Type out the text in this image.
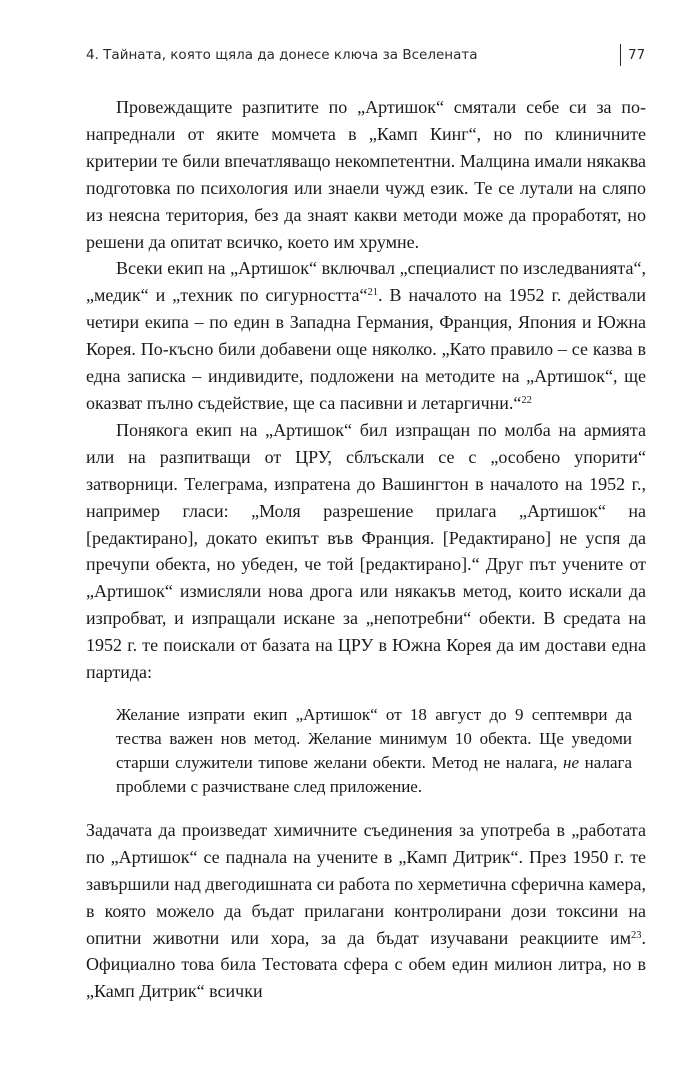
4. Тайната, която щяла да донесе ключа за Вселената	77

Провеждащите разпитите по „Артишок“ смятали себе си за по-напреднали от яките момчета в „Камп Кинг“, но по клиничните критерии те били впечатляващо некомпетентни. Малцина имали някаква подготовка по психология или знаели чужд език. Те се лутали на сляпо из неясна територия, без да знаят какви методи може да проработят, но решени да опитат всичко, което им хрумне.

Всеки екип на „Артишок“ включвал „специалист по изследванията“, „медик“ и „техник по сигурността“$^{21}$. В началото на 1952 г. действали четири екипа – по един в Западна Германия, Франция, Япония и Южна Корея. По-късно били добавени още няколко. „Като правило – се казва в една записка – индивидите, подложени на методите на „Артишок“, ще оказват пълно съдействие, ще са пасивни и летаргични.“$^{22}$

Понякога екип на „Артишок“ бил изпращан по молба на армията или на разпитващи от ЦРУ, сблъскали се с „особено упорити“ затворници. Телеграма, изпратена до Вашингтон в началото на 1952 г., например гласи: „Моля разрешение прилага „Артишок“ на [редактирано], докато екипът във Франция. [Редактирано] не успя да пречупи обекта, но убеден, че той [редактирано].“ Друг път учените от „Артишок“ измисляли нова дрога или някакъв метод, които искали да изпробват, и изпращали искане за „непотребни“ обекти. В средата на 1952 г. те поискали от базата на ЦРУ в Южна Корея да им достави една партида:

Желание изпрати екип „Артишок“ от 18 август до 9 септември да тества важен нов метод. Желание минимум 10 обекта. Ще уведоми старши служители типове желани обекти. Метод не налага, не налага проблеми с разчистване след приложение.

Задачата да произведат химичните съединения за употреба в „работата по „Артишок“ се паднала на учените в „Камп Дитрик“. През 1950 г. те завършили над двегодишната си работа по херметична сферична камера, в която можело да бъдат прилагани контролирани дози токсини на опитни животни или хора, за да бъдат изучавани реакциите $им^{23}$. Официално това била Тестовата сфера с обем един милион литра, но в „Камп Дитрик“ всички
